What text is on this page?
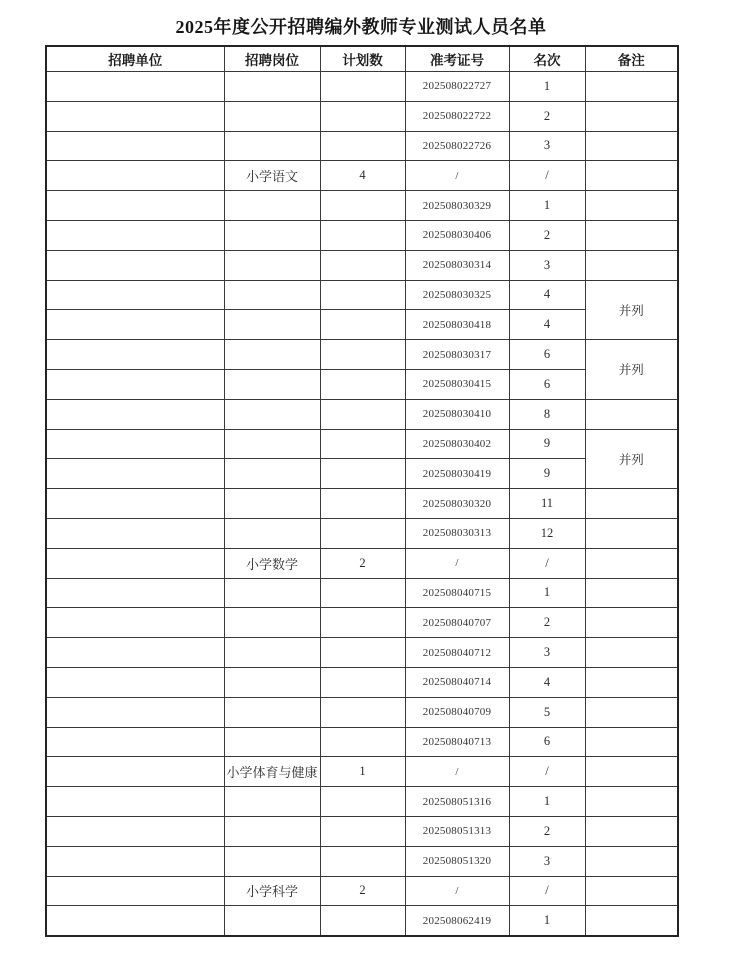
2025年度公开招聘编外教师专业测试人员名单
招聘单位	招聘岗位	计划数	准考证号	名次	备注
			202508022727	1	
			202508022722	2	
			202508022726	3	
	小学语文	4	/	/	
			202508030329	1	
			202508030406	2	
			202508030314	3	
			202508030325	4	并列
			202508030418	4	
			202508030317	6	并列
			202508030415	6	
			202508030410	8	
			202508030402	9	并列
			202508030419	9	
			202508030320	11	
			202508030313	12	
	小学数学	2	/	/	
			202508040715	1	
			202508040707	2	
			202508040712	3	
			202508040714	4	
			202508040709	5	
			202508040713	6	
	小学体育与健康	1	/	/	
			202508051316	1	
			202508051313	2	
			202508051320	3	
	小学科学	2	/	/	
			202508062419	1	
